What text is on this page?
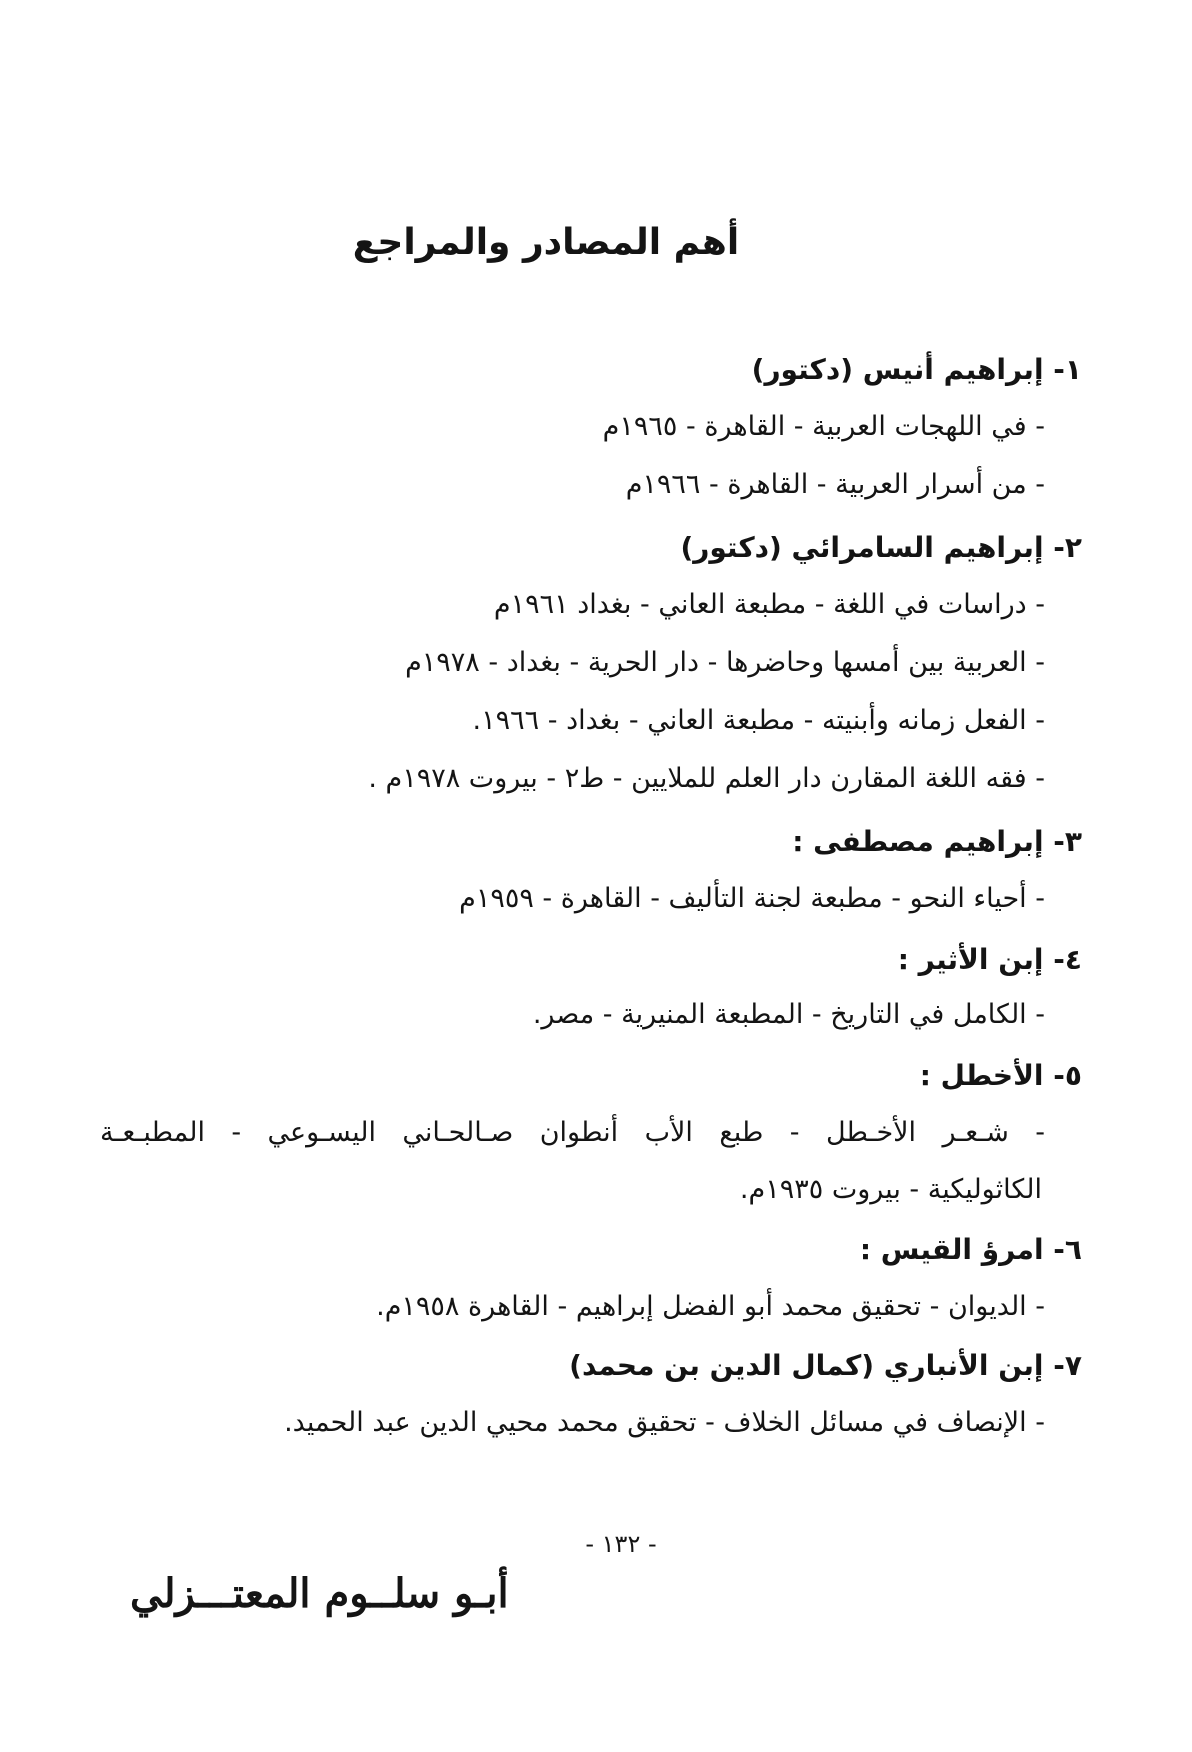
أهم المصادر والمراجع
١- إبراهيم أنيس (دكتور)
- في اللهجات العربية - القاهرة - ١٩٦٥م
- من أسرار العربية - القاهرة - ١٩٦٦م
٢- إبراهيم السامرائي (دكتور)
- دراسات في اللغة - مطبعة العاني - بغداد ١٩٦١م
- العربية بين أمسها وحاضرها - دار الحرية - بغداد - ١٩٧٨م
- الفعل زمانه وأبنيته - مطبعة العاني - بغداد - ١٩٦٦.
- فقه اللغة المقارن دار العلم للملايين - ط٢ - بيروت ١٩٧٨م .
٣- إبراهيم مصطفى :
- أحياء النحو - مطبعة لجنة التأليف - القاهرة - ١٩٥٩م
٤- إبن الأثير :
- الكامل في التاريخ - المطبعة المنيرية - مصر.
٥- الأخطل :
- شـعـر الأخـطل - طبع الأب أنطوان صـالحـاني اليسـوعي - المطبـعـة
الكاثوليكية - بيروت ١٩٣٥م.
٦- امرؤ القيس :
- الديوان - تحقيق محمد أبو الفضل إبراهيم - القاهرة ١٩٥٨م.
٧- إبن الأنباري (كمال الدين بن محمد)
- الإنصاف في مسائل الخلاف - تحقيق محمد محيي الدين عبد الحميد.
- ١٣٢ -
أبـو سلــوم المعتـــزلي
